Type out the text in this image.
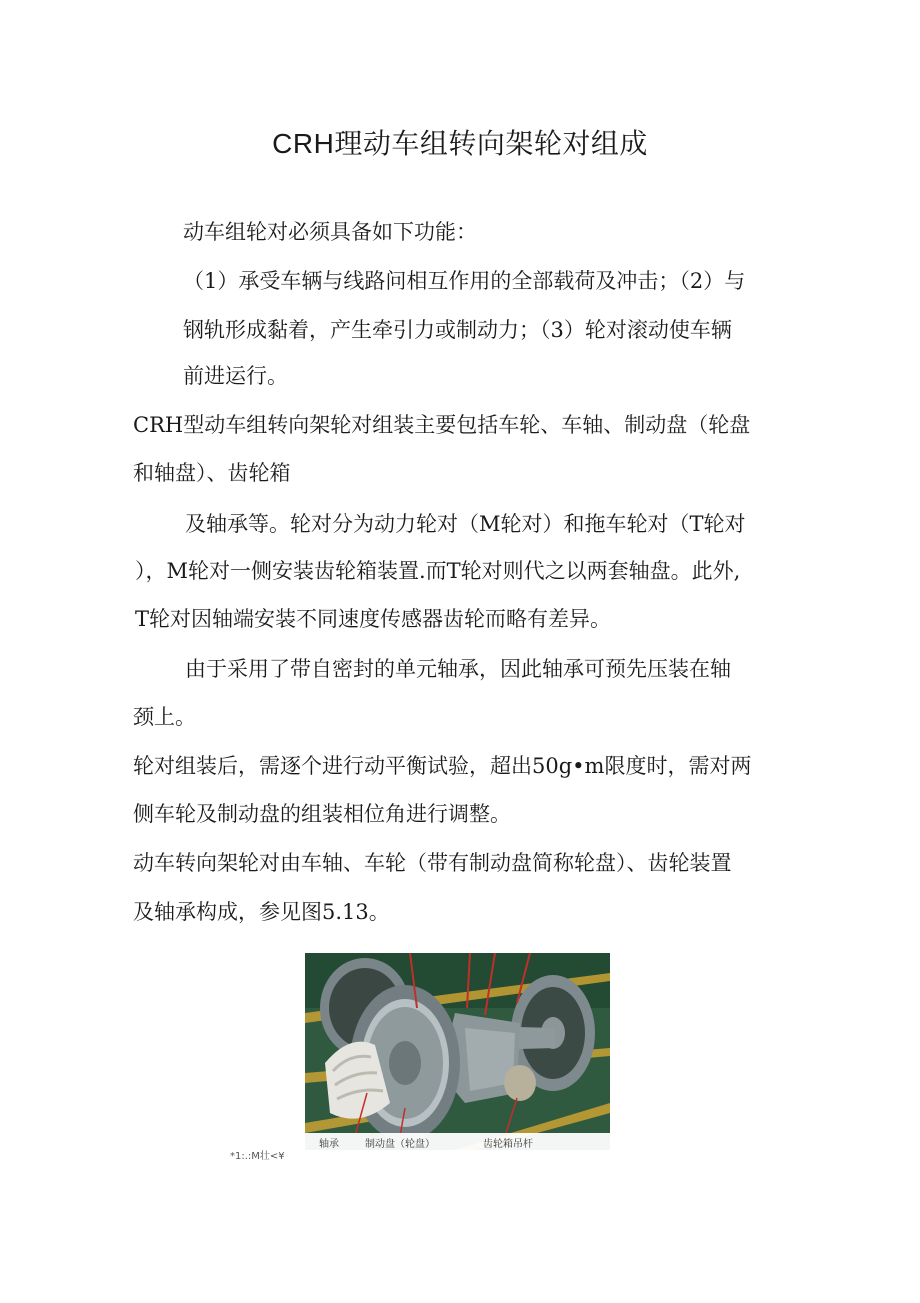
CRH理动车组转向架轮对组成
动车组轮对必须具备如下功能：
（1）承受车辆与线路问相互作用的全部载荷及冲击；（2）与
钢轨形成黏着，产生牵引力或制动力；（3）轮对滚动使车辆
前进运行。
CRH型动车组转向架轮对组装主要包括车轮、车轴、制动盘（轮盘
和轴盘）、齿轮箱
及轴承等。轮对分为动力轮对（M轮对）和拖车轮对（T轮对
），M轮对一侧安装齿轮箱装置.而T轮对则代之以两套轴盘。此外,
T轮对因轴端安装不同速度传感器齿轮而略有差异。
由于采用了带自密封的单元轴承，因此轴承可预先压装在轴
颈上。
轮对组装后，需逐个进行动平衡试验，超出50g•m限度时，需对两
侧车轮及制动盘的组装相位角进行调整。
动车转向架轮对由车轴、车轮（带有制动盘简称轮盘）、齿轮装置
及轴承构成，参见图5.13。
轴承	制动盘（轮盘）	齿轮箱吊杆
*1:.:M壮<¥
